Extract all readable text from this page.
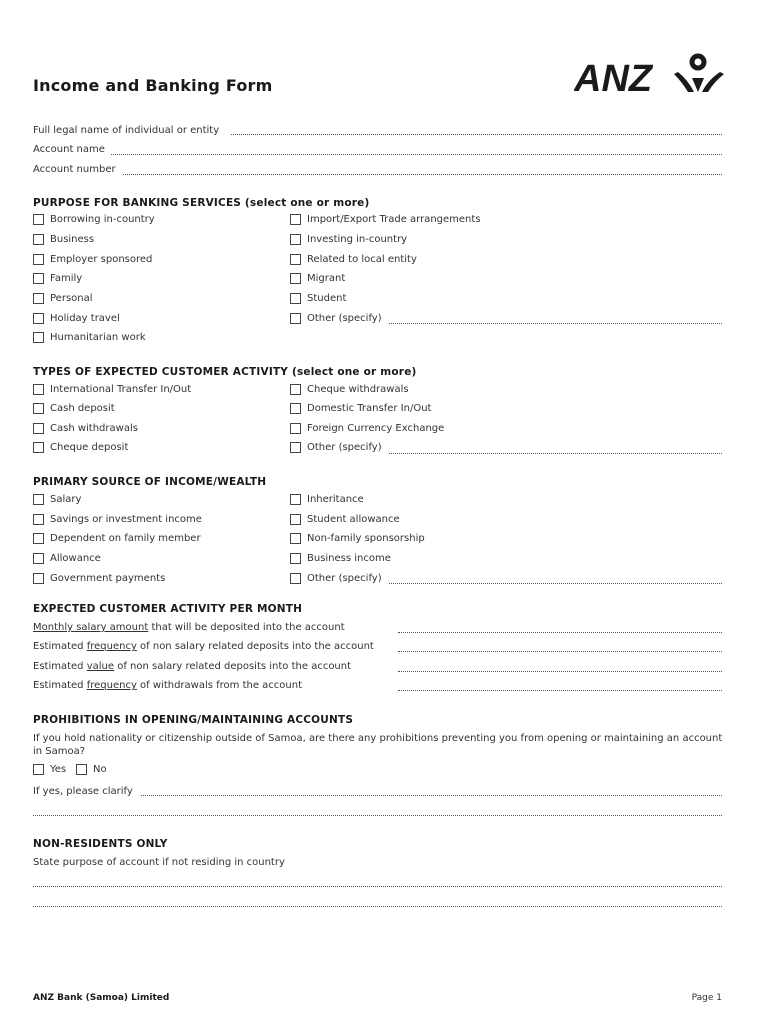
Income and Banking Form	ANZ
Full legal name of individual or entity
Account name
Account number
PURPOSE FOR BANKING SERVICES (select one or more)
Borrowing in-country
Business
Employer sponsored
Family
Personal
Holiday travel
Humanitarian work
Import/Export Trade arrangements
Investing in-country
Related to local entity
Migrant
Student
Other (specify)
TYPES OF EXPECTED CUSTOMER ACTIVITY (select one or more)
International Transfer In/Out
Cash deposit
Cash withdrawals
Cheque deposit
Cheque withdrawals
Domestic Transfer In/Out
Foreign Currency Exchange
Other (specify)
PRIMARY SOURCE OF INCOME/WEALTH
Salary
Savings or investment income
Dependent on family member
Allowance
Government payments
Inheritance
Student allowance
Non-family sponsorship
Business income
Other (specify)
EXPECTED CUSTOMER ACTIVITY PER MONTH
Monthly salary amount that will be deposited into the account
Estimated frequency of non salary related deposits into the account
Estimated value of non salary related deposits into the account
Estimated frequency of withdrawals from the account
PROHIBITIONS IN OPENING/MAINTAINING ACCOUNTS
If you hold nationality or citizenship outside of Samoa, are there any prohibitions preventing you from opening or maintaining an account in Samoa?
Yes	No
If yes, please clarify
NON-RESIDENTS ONLY
State purpose of account if not residing in country
ANZ Bank (Samoa) Limited	Page 1
